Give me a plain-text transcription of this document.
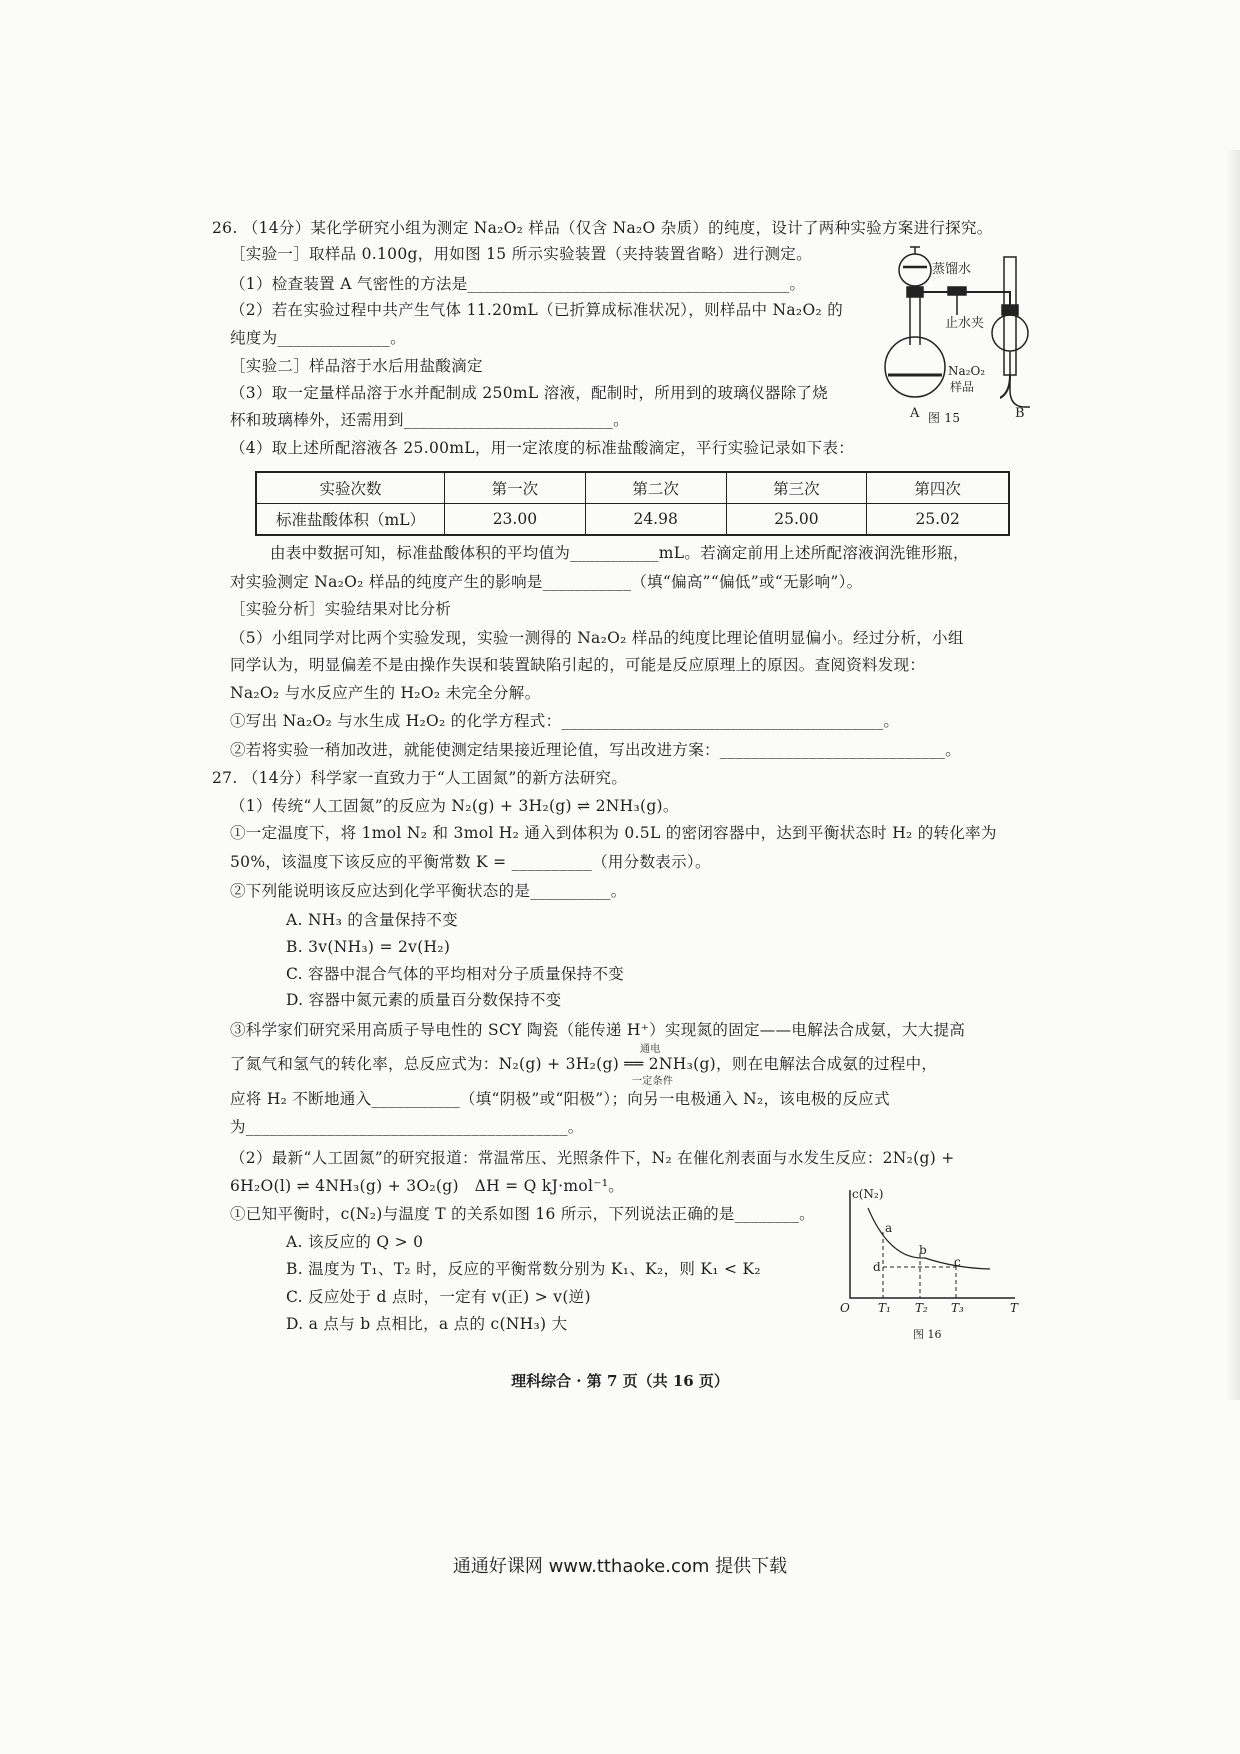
26. （14分）某化学研究小组为测定 Na₂O₂ 样品（仅含 Na₂O 杂质）的纯度，设计了两种实验方案进行探究。
［实验一］取样品 0.100g，用如图 15 所示实验装置（夹持装置省略）进行测定。
（1）检查装置 A 气密性的方法是________________________________________。
（2）若在实验过程中共产生气体 11.20mL（已折算成标准状况），则样品中 Na₂O₂ 的
纯度为______________。
［实验二］样品溶于水后用盐酸滴定
（3）取一定量样品溶于水并配制成 250mL 溶液，配制时，所用到的玻璃仪器除了烧
杯和玻璃棒外，还需用到__________________________。
（4）取上述所配溶液各 25.00mL，用一定浓度的标准盐酸滴定，平行实验记录如下表：
实验次数	第一次	第二次	第三次	第四次
标准盐酸体积（mL）	23.00	24.98	25.00	25.02
由表中数据可知，标准盐酸体积的平均值为___________mL。若滴定前用上述所配溶液润洗锥形瓶，
对实验测定 Na₂O₂ 样品的纯度产生的影响是___________（填“偏高”“偏低”或“无影响”）。
［实验分析］实验结果对比分析
（5）小组同学对比两个实验发现，实验一测得的 Na₂O₂ 样品的纯度比理论值明显偏小。经过分析，小组
同学认为，明显偏差不是由操作失误和装置缺陷引起的，可能是反应原理上的原因。查阅资料发现：
Na₂O₂ 与水反应产生的 H₂O₂ 未完全分解。
①写出 Na₂O₂ 与水生成 H₂O₂ 的化学方程式：________________________________________。
②若将实验一稍加改进，就能使测定结果接近理论值，写出改进方案：____________________________。
蒸馏水
止水夹
Na₂O₂
样品
A	B
图 15
27. （14分）科学家一直致力于“人工固氮”的新方法研究。
（1）传统“人工固氮”的反应为 N₂(g) + 3H₂(g) ⇌ 2NH₃(g)。
①一定温度下，将 1mol N₂ 和 3mol H₂ 通入到体积为 0.5L 的密闭容器中，达到平衡状态时 H₂ 的转化率为
50%，该温度下该反应的平衡常数 K = __________（用分数表示）。
②下列能说明该反应达到化学平衡状态的是__________。
A. NH₃ 的含量保持不变
B. 3v(NH₃) = 2v(H₂)
C. 容器中混合气体的平均相对分子质量保持不变
D. 容器中氮元素的质量百分数保持不变
③科学家们研究采用高质子导电性的 SCY 陶瓷（能传递 H⁺）实现氮的固定——电解法合成氨，大大提高
了氮气和氢气的转化率，总反应式为：N₂(g) + 3H₂(g) ══ 2NH₃(g)，则在电解法合成氨的过程中，
通电
一定条件
应将 H₂ 不断地通入___________（填“阴极”或“阳极”）；向另一电极通入 N₂，该电极的反应式
为________________________________________。
（2）最新“人工固氮”的研究报道：常温常压、光照条件下，N₂ 在催化剂表面与水发生反应：2N₂(g) +
6H₂O(l) ⇌ 4NH₃(g) + 3O₂(g)　ΔH = Q kJ·mol⁻¹。
①已知平衡时，c(N₂)与温度 T 的关系如图 16 所示，下列说法正确的是________。
A. 该反应的 Q > 0
B. 温度为 T₁、T₂ 时，反应的平衡常数分别为 K₁、K₂，则 K₁ < K₂
C. 反应处于 d 点时，一定有 v(正) > v(逆)
D. a 点与 b 点相比，a 点的 c(NH₃) 大
c(N₂)
O T₁ T₂ T₃	T
a
b
c
d
图 16
理科综合 · 第 7 页（共 16 页）
通通好课网 www.tthaoke.com 提供下载
